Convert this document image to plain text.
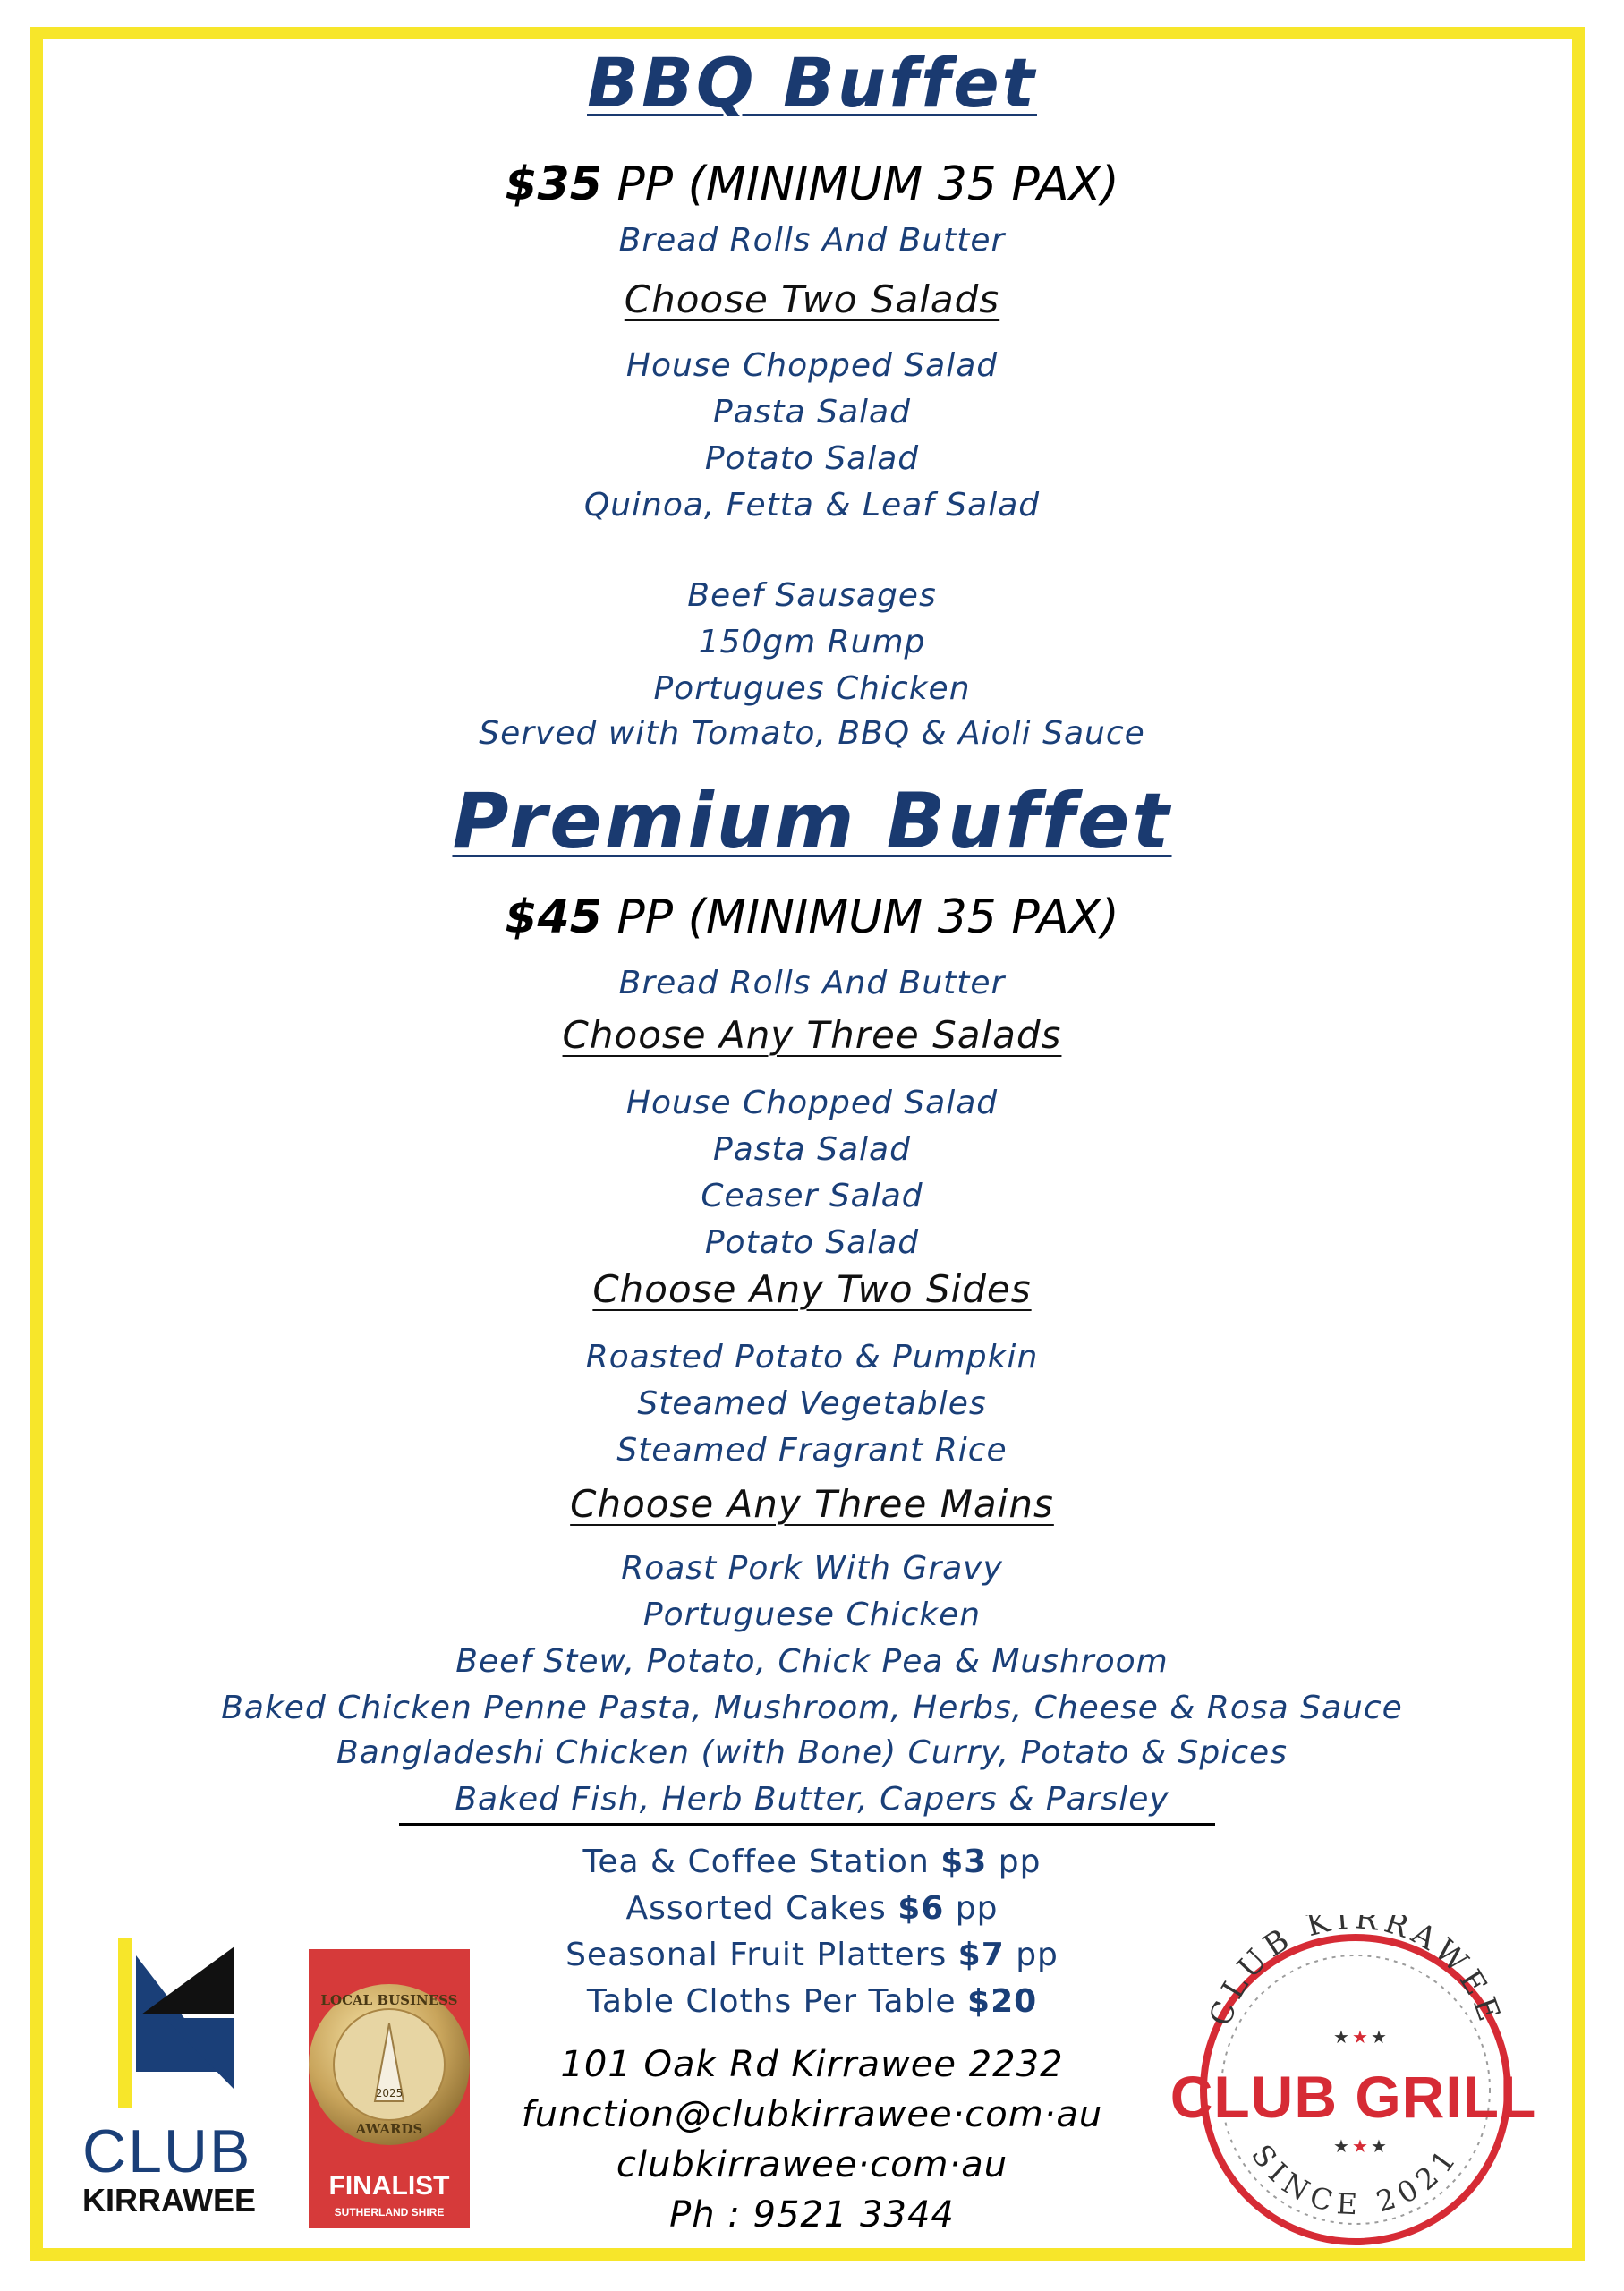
BBQ Buffet
$35 PP (MINIMUM 35 PAX)
Bread Rolls And Butter
Choose Two Salads
House Chopped Salad
Pasta Salad
Potato Salad
Quinoa, Fetta & Leaf Salad
Beef Sausages
150gm Rump
Portugues Chicken
Served with Tomato, BBQ & Aioli Sauce
Premium Buffet
$45 PP (MINIMUM 35 PAX)
Bread Rolls And Butter
Choose Any Three Salads
House Chopped Salad
Pasta Salad
Ceaser Salad
Potato Salad
Choose Any Two Sides
Roasted Potato & Pumpkin
Steamed Vegetables
Steamed Fragrant Rice
Choose Any Three Mains
Roast Pork With Gravy
Portuguese Chicken
Beef Stew, Potato, Chick Pea & Mushroom
Baked Chicken Penne Pasta, Mushroom, Herbs, Cheese & Rosa Sauce
Bangladeshi Chicken (with Bone) Curry, Potato & Spices
Baked Fish, Herb Butter, Capers & Parsley
Tea & Coffee Station $3 pp
Assorted Cakes $6 pp
Seasonal Fruit Platters $7 pp
Table Cloths Per Table $20
101 Oak Rd Kirrawee 2232
function@clubkirrawee·com·au
clubkirrawee·com·au
Ph : 9521 3344
CLUB
KIRRAWEE
LOCAL BUSINESS
2025
AWARDS
FINALIST
SUTHERLAND SHIRE
CLUB KIRRAWEE
SINCE 2021
★ ★ ★
★ ★ ★
CLUB GRILL
